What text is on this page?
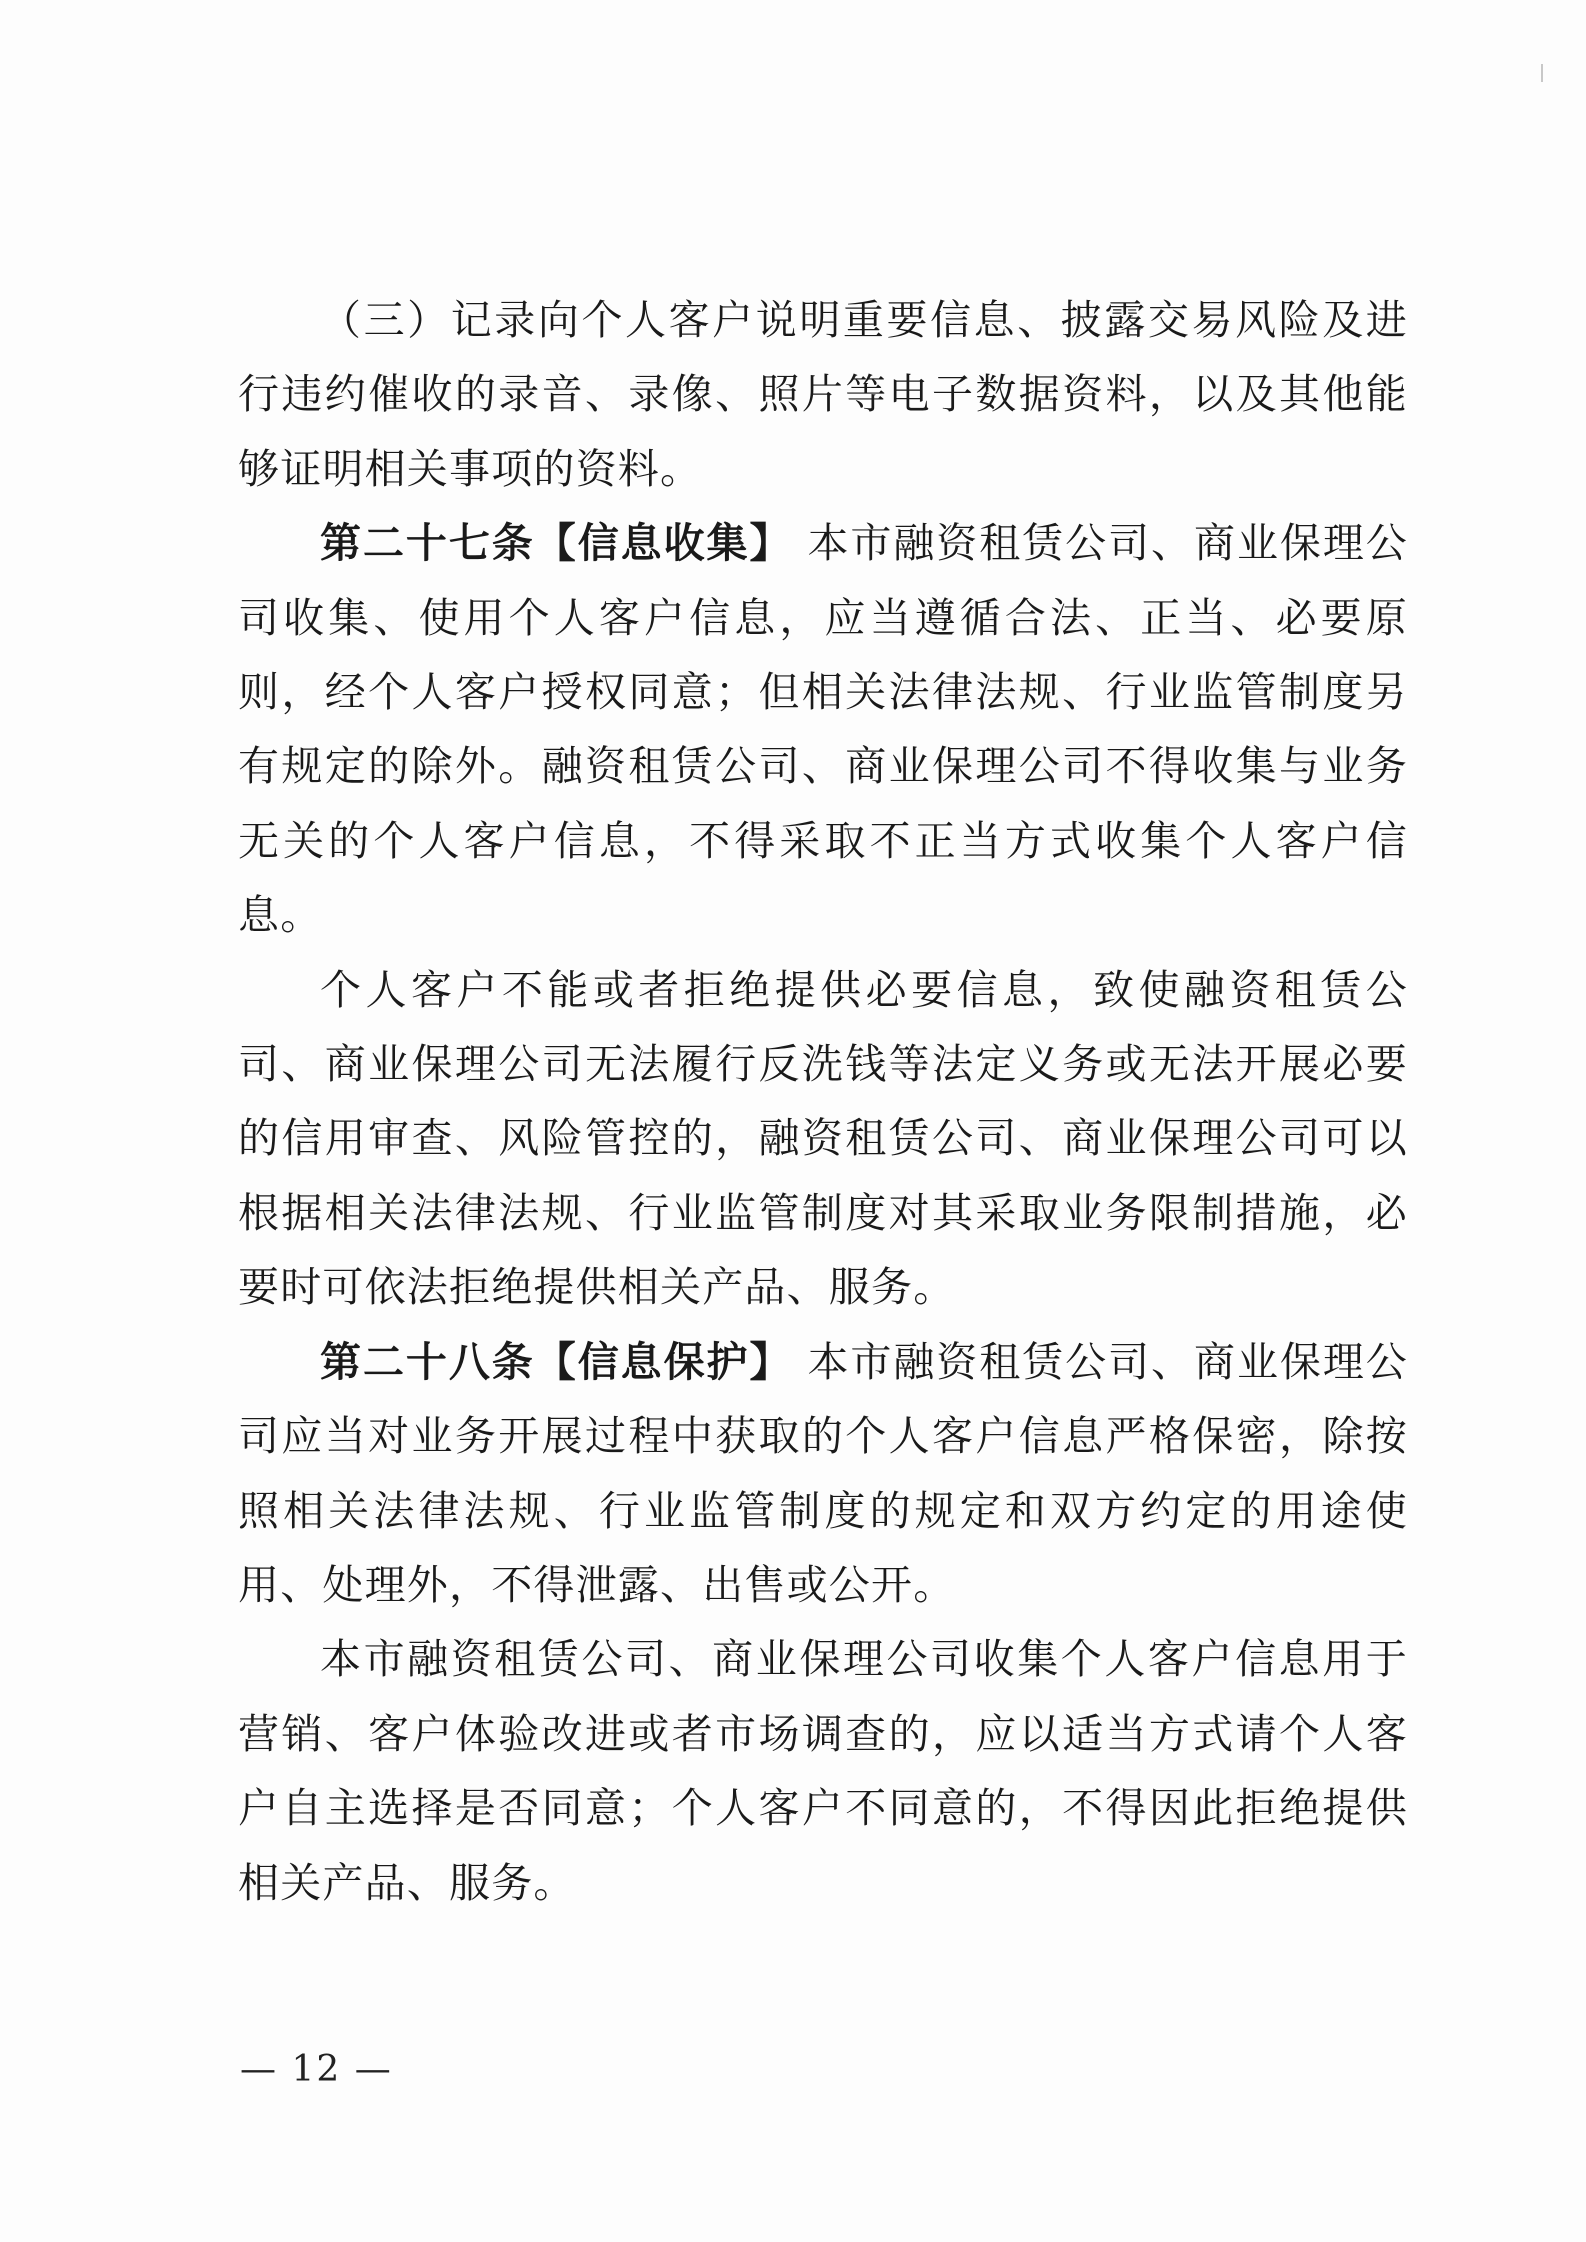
（三）记录向个人客户说明重要信息、披露交易风险及进行违约催收的录音、录像、照片等电子数据资料，以及其他能够证明相关事项的资料。

第二十七条【信息收集】 本市融资租赁公司、商业保理公司收集、使用个人客户信息，应当遵循合法、正当、必要原则，经个人客户授权同意；但相关法律法规、行业监管制度另有规定的除外。融资租赁公司、商业保理公司不得收集与业务无关的个人客户信息，不得采取不正当方式收集个人客户信息。

个人客户不能或者拒绝提供必要信息，致使融资租赁公司、商业保理公司无法履行反洗钱等法定义务或无法开展必要的信用审查、风险管控的，融资租赁公司、商业保理公司可以根据相关法律法规、行业监管制度对其采取业务限制措施，必要时可依法拒绝提供相关产品、服务。

第二十八条【信息保护】 本市融资租赁公司、商业保理公司应当对业务开展过程中获取的个人客户信息严格保密，除按照相关法律法规、行业监管制度的规定和双方约定的用途使用、处理外，不得泄露、出售或公开。

本市融资租赁公司、商业保理公司收集个人客户信息用于营销、客户体验改进或者市场调查的，应以适当方式请个人客户自主选择是否同意；个人客户不同意的，不得因此拒绝提供相关产品、服务。

— 12 —
